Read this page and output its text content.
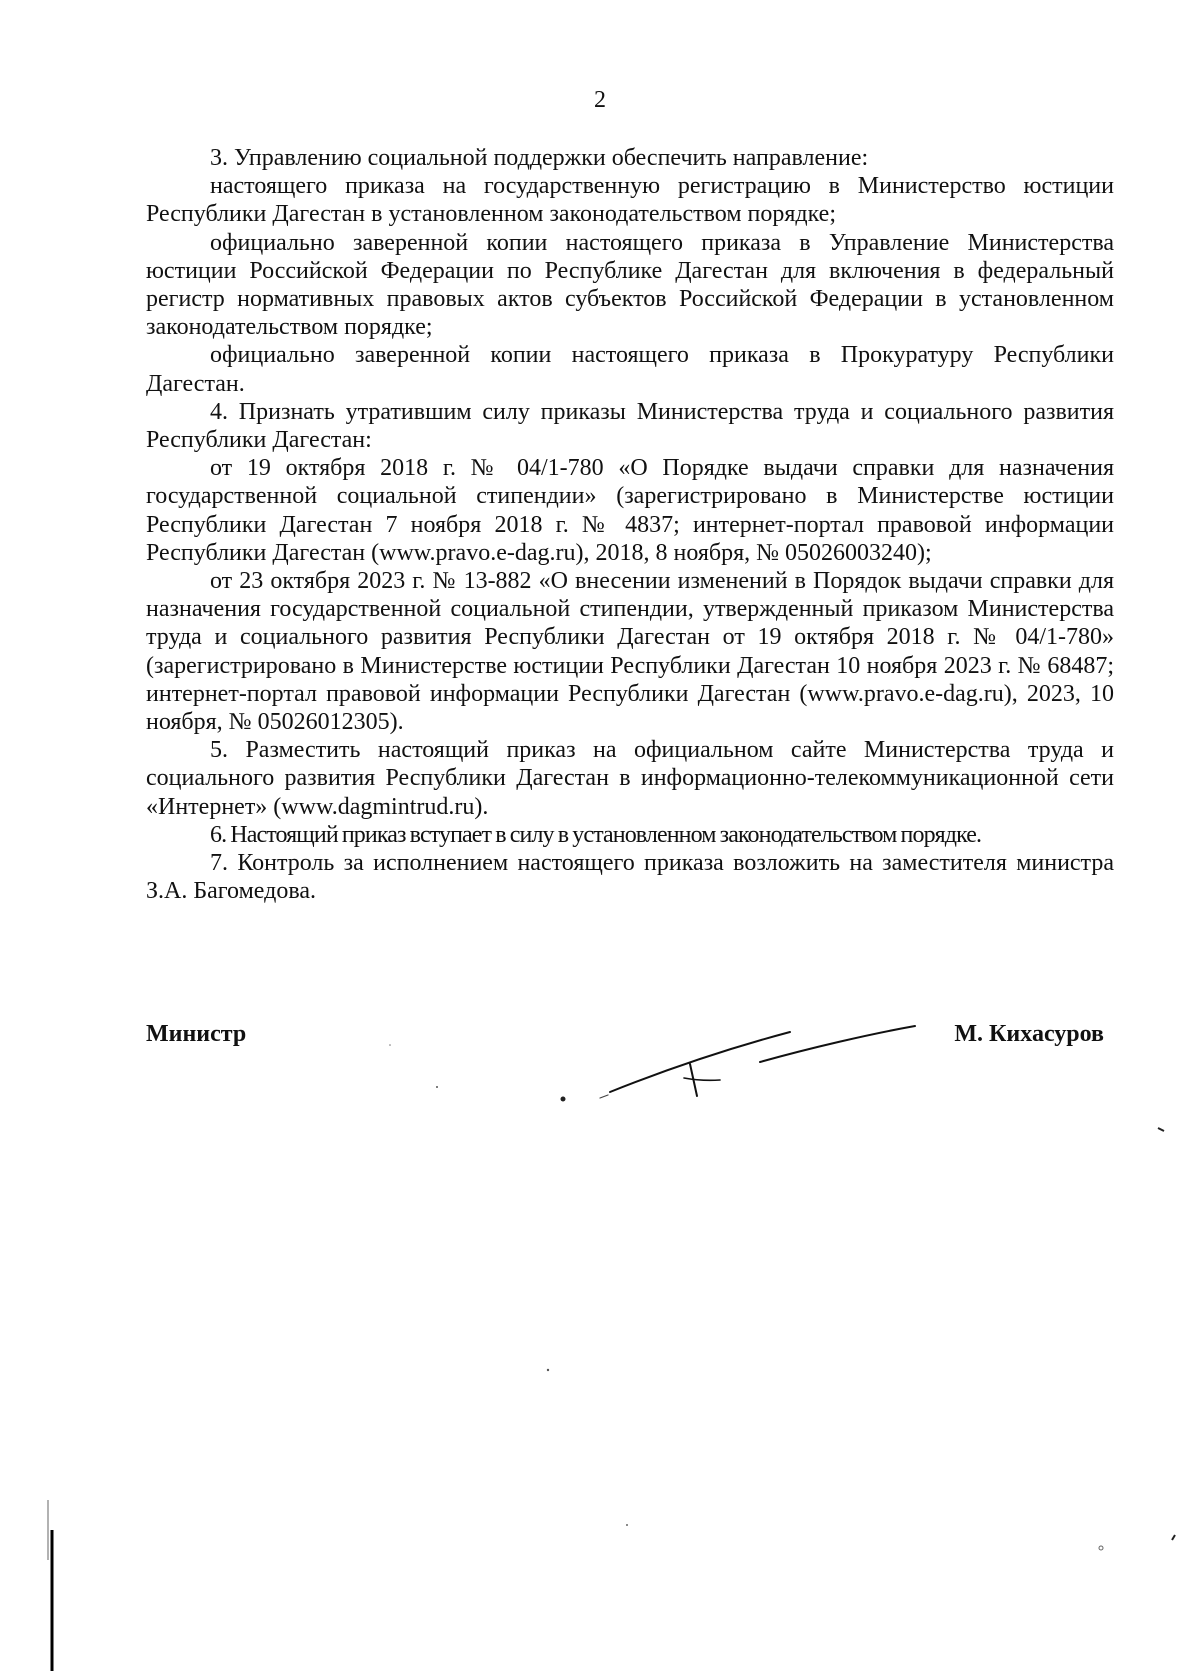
2

3. Управлению социальной поддержки обеспечить направление:

настоящего приказа на государственную регистрацию в Министерство юстиции Республики Дагестан в установленном законодательством порядке;

официально заверенной копии настоящего приказа в Управление Министерства юстиции Российской Федерации по Республике Дагестан для включения в федеральный регистр нормативных правовых актов субъектов Российской Федерации в установленном законодательством порядке;

официально заверенной копии настоящего приказа в Прокуратуру Республики Дагестан.

4. Признать утратившим силу приказы Министерства труда и социального развития Республики Дагестан:

от 19 октября 2018 г. № 04/1-780 «О Порядке выдачи справки для назначения государственной социальной стипендии» (зарегистрировано в Министерстве юстиции Республики Дагестан 7 ноября 2018 г. № 4837; интернет-портал правовой информации Республики Дагестан (www.pravo.e-dag.ru), 2018, 8 ноября, № 05026003240);

от 23 октября 2023 г. № 13-882 «О внесении изменений в Порядок выдачи справки для назначения государственной социальной стипендии, утвержденный приказом Министерства труда и социального развития Республики Дагестан от 19 октября 2018 г. № 04/1-780» (зарегистрировано в Министерстве юстиции Республики Дагестан 10 ноября 2023 г. № 68487; интернет-портал правовой информации Республики Дагестан (www.pravo.e-dag.ru), 2023, 10 ноября, № 05026012305).

5. Разместить настоящий приказ на официальном сайте Министерства труда и социального развития Республики Дагестан в информационно-телекоммуникационной сети «Интернет» (www.dagmintrud.ru).

6. Настоящий приказ вступает в силу в установленном законодательством порядке.

7. Контроль за исполнением настоящего приказа возложить на заместителя министра З.А. Багомедова.

Министр	М. Кихасуров
